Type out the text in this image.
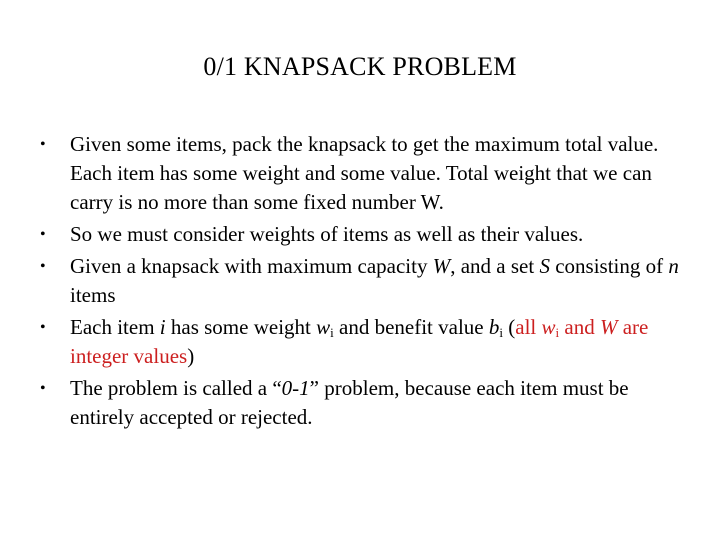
0/1 KNAPSACK PROBLEM
• Given some items, pack the knapsack to get the maximum total value. Each item has some weight and some value. Total weight that we can carry is no more than some fixed number W.
• So we must consider weights of items as well as their values.
• Given a knapsack with maximum capacity W, and a set S consisting of n items
• Each item i has some weight $w_i$ and benefit value $b_i$ (all $w_i$ and W are integer values)
• The problem is called a “0-1” problem, because each item must be entirely accepted or rejected.
